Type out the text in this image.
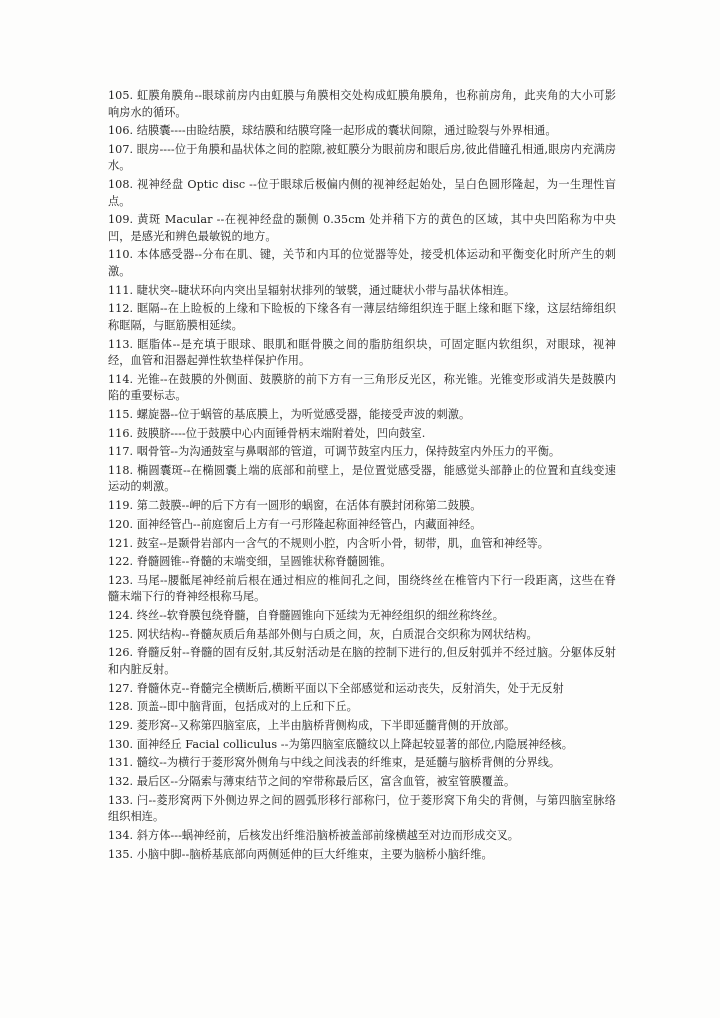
105. 虹膜角膜角--眼球前房内由虹膜与角膜相交处构成虹膜角膜角，也称前房角，此夹角的大小可影响房水的循环。
106. 结膜囊----由睑结膜，球结膜和结膜穹隆一起形成的囊状间隙，通过睑裂与外界相通。
107. 眼房----位于角膜和晶状体之间的腔隙,被虹膜分为眼前房和眼后房,彼此借瞳孔相通,眼房内充满房水。
108. 视神经盘 Optic disc --位于眼球后极偏内侧的视神经起始处，呈白色圆形隆起，为一生理性盲点。
109. 黄斑 Macular --在视神经盘的颞侧 0.35cm 处并稍下方的黄色的区域，其中央凹陷称为中央凹，是感光和辨色最敏锐的地方。
110. 本体感受器--分布在肌、键，关节和内耳的位觉器等处，接受机体运动和平衡变化时所产生的刺激。
111. 睫状突--睫状环向内突出呈辐射状排列的皱襞，通过睫状小带与晶状体相连。
112. 眶隔--在上睑板的上缘和下睑板的下缘各有一薄层结缔组织连于眶上缘和眶下缘，这层结缔组织称眶隔，与眶筋膜相延续。
113. 眶脂体--是充填于眼球、眼肌和眶骨膜之间的脂肪组织块，可固定眶内软组织，对眼球，视神经，血管和泪器起弹性软垫样保护作用。
114. 光锥--在鼓膜的外侧面、鼓膜脐的前下方有一三角形反光区，称光锥。光锥变形或消失是鼓膜内陷的重要标志。
115. 螺旋器--位于蜗管的基底膜上，为听觉感受器，能接受声波的刺激。
116. 鼓膜脐----位于鼓膜中心内面锤骨柄末端附着处，凹向鼓室.
117. 咽骨管--为沟通鼓室与鼻咽部的管道，可调节鼓室内压力，保持鼓室内外压力的平衡。
118. 椭圆囊斑--在椭圆囊上端的底部和前壁上，是位置觉感受器，能感觉头部静止的位置和直线变速运动的刺激。
119. 第二鼓膜--岬的后下方有一圆形的蜗窗，在活体有膜封闭称第二鼓膜。
120. 面神经管凸--前庭窗后上方有一弓形隆起称面神经管凸，内藏面神经。
121. 鼓室--是颞骨岩部内一含气的不规则小腔，内含听小骨，韧带，肌，血管和神经等。
122. 脊髓圆锥--脊髓的末端变细，呈圆锥状称脊髓圆锥。
123. 马尾--腰骶尾神经前后根在通过相应的椎间孔之间，围绕终丝在椎管内下行一段距离，这些在脊髓末端下行的脊神经根称马尾。
124. 终丝--软脊膜包绕脊髓，自脊髓圆锥向下延续为无神经组织的细丝称终丝。
125. 网状结构--脊髓灰质后角基部外侧与白质之间，灰，白质混合交织称为网状结构。
126. 脊髓反射--脊髓的固有反射,其反射活动是在脑的控制下进行的,但反射弧并不经过脑。分躯体反射和内脏反射。
127. 脊髓休克--脊髓完全横断后,横断平面以下全部感觉和运动丧失，反射消失，处于无反射
128. 顶盖--即中脑背面，包括成对的上丘和下丘。
129. 菱形窝--又称第四脑室底，上半由脑桥背侧构成，下半即延髓背侧的开放部。
130. 面神经丘 Facial colliculus --为第四脑室底髓纹以上降起较显著的部位,内隐展神经核。
131. 髓纹--为横行于菱形窝外侧角与中线之间浅表的纤维束，是延髓与脑桥背侧的分界线。
132. 最后区--分隔索与薄束结节之间的窄带称最后区，富含血管，被室管膜覆盖。
133. 闩--菱形窝两下外侧边界之间的圆弧形移行部称闩，位于菱形窝下角尖的背侧，与第四脑室脉络组织相连。
134. 斜方体---蜗神经前，后核发出纤维沿脑桥被盖部前缘横越至对边而形成交叉。
135. 小脑中脚--脑桥基底部向两侧延伸的巨大纤维束，主要为脑桥小脑纤维。
